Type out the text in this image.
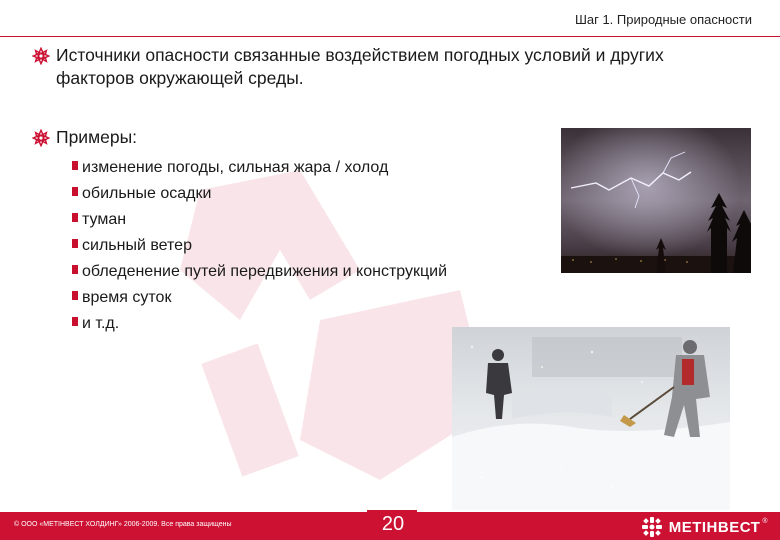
Шаг 1. Природные опасности
Источники опасности связанные воздействием погодных условий и других факторов окружающей среды.
Примеры:
изменение погоды, сильная жара / холод
обильные осадки
туман
сильный ветер
обледенение путей передвижения и конструкций
время суток
и т.д.
© ООО «МЕТІНВЕСТ ХОЛДИНГ» 2006-2009. Все права защищены	МЕТІНВЕСТ ®
20
